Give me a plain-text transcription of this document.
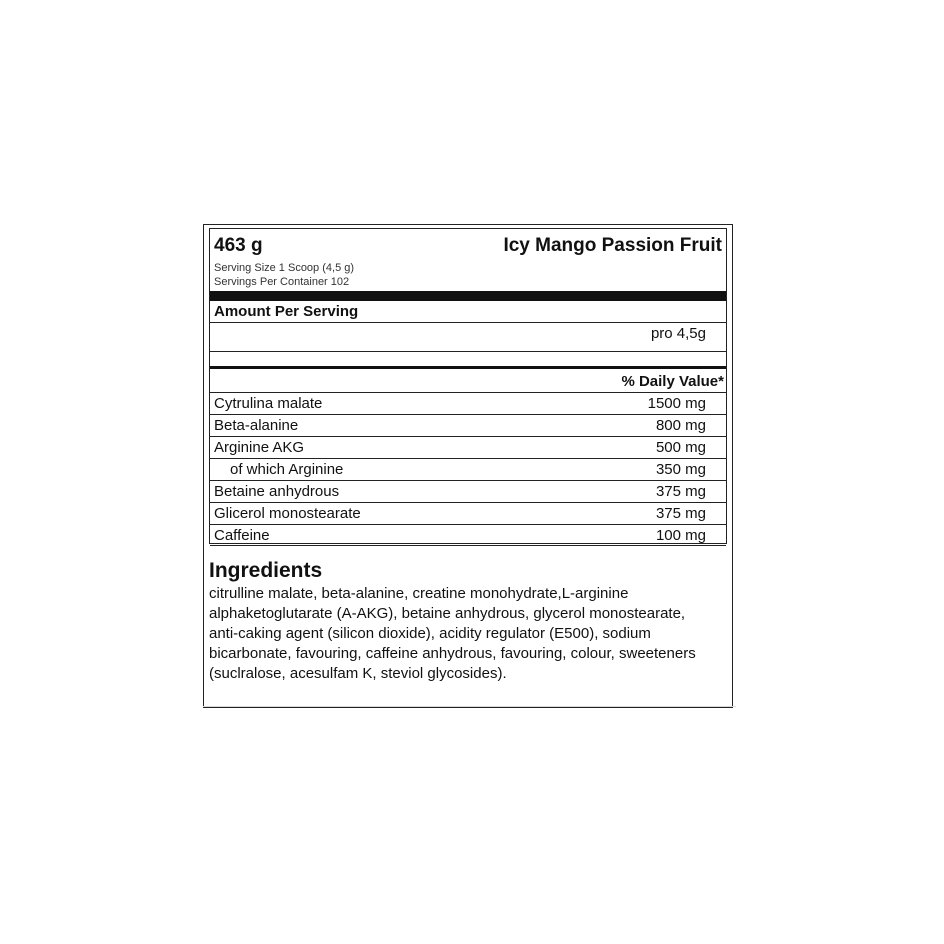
463 g	Icy Mango Passion Fruit
Serving Size 1 Scoop (4,5 g)
Servings Per Container 102
Amount Per Serving
pro 4,5g
% Daily Value*
Cytrulina malate	1500 mg
Beta-alanine	800 mg
Arginine AKG	500 mg
of which Arginine	350 mg
Betaine anhydrous	375 mg
Glicerol monostearate	375 mg
Caffeine	100 mg
Ingredients

citrulline malate, beta-alanine, creatine monohydrate,L-arginine alphaketoglutarate (A-AKG), betaine anhydrous, glycerol monostearate, anti-caking agent (silicon dioxide), acidity regulator (E500), sodium bicarbonate, favouring, caffeine anhydrous, favouring, colour, sweeteners (suclralose, acesulfam K, steviol glycosides).
